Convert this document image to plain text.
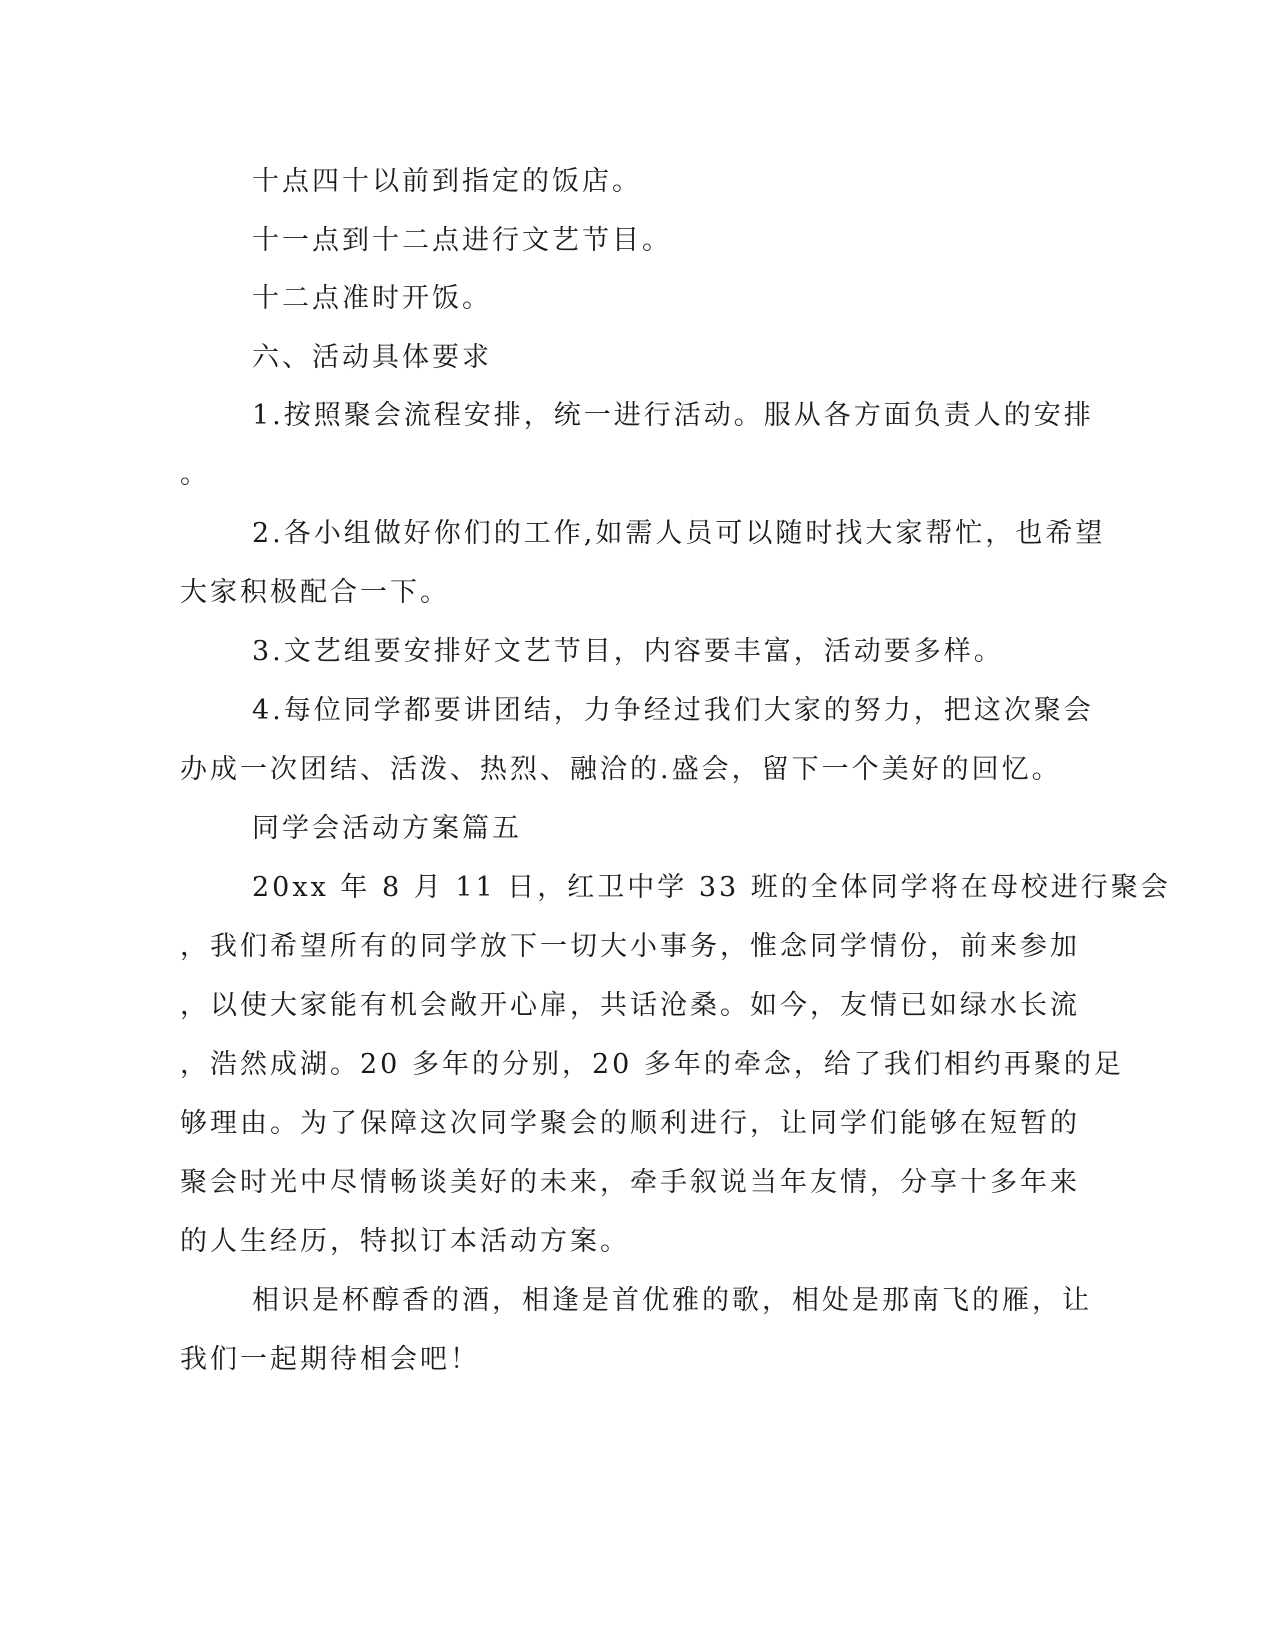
十点四十以前到指定的饭店。
十一点到十二点进行文艺节目。
十二点准时开饭。
六、活动具体要求
1.按照聚会流程安排，统一进行活动。服从各方面负责人的安排
。
2.各小组做好你们的工作,如需人员可以随时找大家帮忙，也希望
大家积极配合一下。
3.文艺组要安排好文艺节目，内容要丰富，活动要多样。
4.每位同学都要讲团结，力争经过我们大家的努力，把这次聚会
办成一次团结、活泼、热烈、融洽的.盛会，留下一个美好的回忆。
同学会活动方案篇五
20xx 年 8 月 11 日，红卫中学 33 班的全体同学将在母校进行聚会
，我们希望所有的同学放下一切大小事务，惟念同学情份，前来参加
，以使大家能有机会敞开心扉，共话沧桑。如今，友情已如绿水长流
，浩然成湖。20 多年的分别，20 多年的牵念，给了我们相约再聚的足
够理由。为了保障这次同学聚会的顺利进行，让同学们能够在短暂的
聚会时光中尽情畅谈美好的未来，牵手叙说当年友情，分享十多年来
的人生经历，特拟订本活动方案。
相识是杯醇香的酒，相逢是首优雅的歌，相处是那南飞的雁，让
我们一起期待相会吧！
